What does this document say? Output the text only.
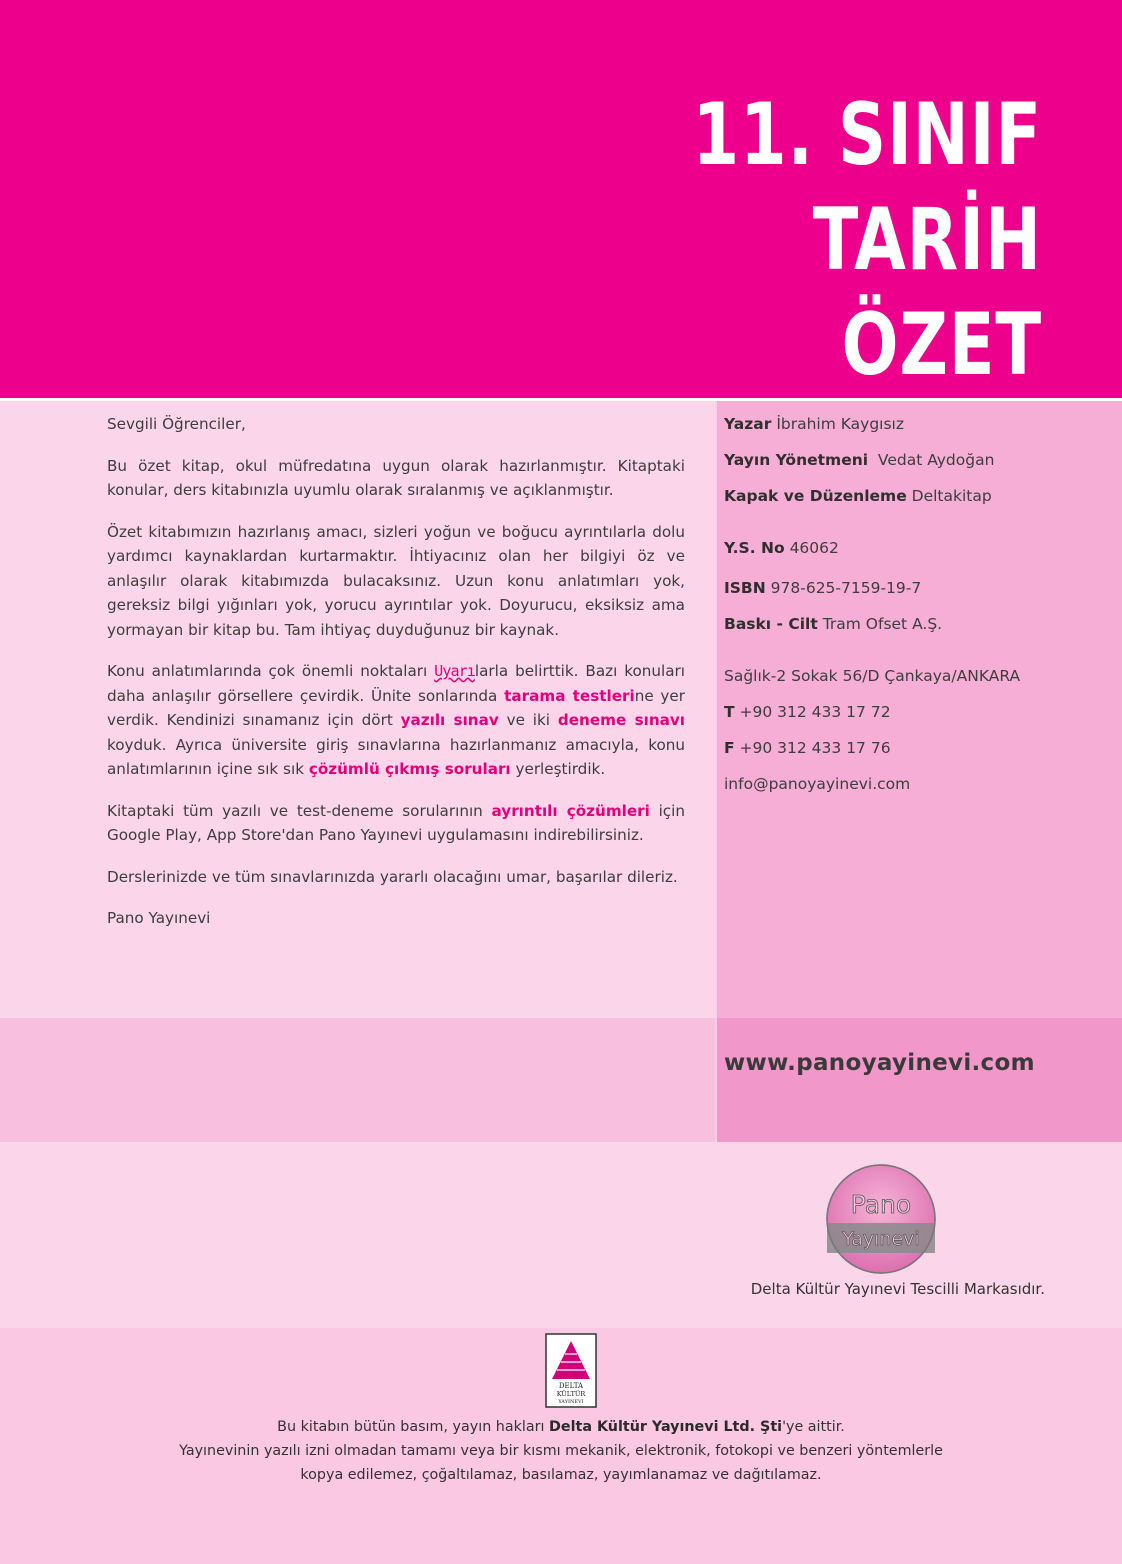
11. SINIF
TARİH
ÖZET

Sevgili Öğrenciler,

Bu özet kitap, okul müfredatına uygun olarak hazırlanmıştır. Kitaptaki konular, ders kitabınızla uyumlu olarak sıralanmış ve açıklanmıştır.

Özet kitabımızın hazırlanış amacı, sizleri yoğun ve boğucu ayrıntılarla dolu yardımcı kaynaklardan kurtarmaktır. İhtiyacınız olan her bilgiyi öz ve anlaşılır olarak kitabımızda bulacaksınız. Uzun konu anlatımları yok, gereksiz bilgi yığınları yok, yorucu ayrıntılar yok. Doyurucu, eksiksiz ama yormayan bir kitap bu. Tam ihtiyaç duyduğunuz bir kaynak.

Konu anlatımlarında çok önemli noktaları Uyarılarla belirttik. Bazı konuları daha anlaşılır görsellere çevirdik. Ünite sonlarında tarama testlerine yer verdik. Kendinizi sınamanız için dört yazılı sınav ve iki deneme sınavı koyduk. Ayrıca üniversite giriş sınavlarına hazırlanmanız amacıyla, konu anlatımlarının içine sık sık çözümlü çıkmış soruları yerleştirdik.

Kitaptaki tüm yazılı ve test-deneme sorularının ayrıntılı çözümleri için Google Play, App Store'dan Pano Yayınevi uygulamasını indirebilirsiniz.

Derslerinizde ve tüm sınavlarınızda yararlı olacağını umar, başarılar dileriz.

Pano Yayınevi

Yazar İbrahim Kaygısız
Yayın Yönetmeni Vedat Aydoğan
Kapak ve Düzenleme Deltakitap
Y.S. No 46062
ISBN 978-625-7159-19-7
Baskı - Cilt Tram Ofset A.Ş.
Sağlık-2 Sokak 56/D Çankaya/ANKARA
T +90 312 433 17 72
F +90 312 433 17 76
info@panoyayinevi.com
www.panoyayinevi.com
Pano
Yayınevi
Delta Kültür Yayınevi Tescilli Markasıdır.
DELTA
KÜLTÜR
YAYINEVI
Bu kitabın bütün basım, yayın hakları Delta Kültür Yayınevi Ltd. Şti'ye aittir.
Yayınevinin yazılı izni olmadan tamamı veya bir kısmı mekanik, elektronik, fotokopi ve benzeri yöntemlerle
kopya edilemez, çoğaltılamaz, basılamaz, yayımlanamaz ve dağıtılamaz.
